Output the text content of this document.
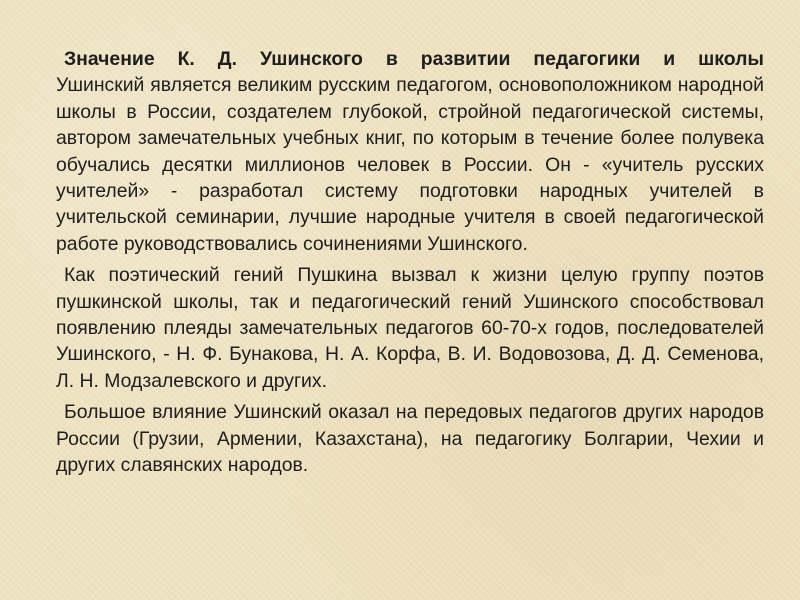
Значение К. Д. Ушинского в развитии педагогики и школы
Ушинский является великим русским педагогом, основоположником народной школы в России, создателем глубокой, стройной педагогической системы, автором замечательных учебных книг, по которым в течение более полувека обучались десятки миллионов человек в России. Он - «учитель русских учителей» - разработал систему подготовки народных учителей в учительской семинарии, лучшие народные учителя в своей педагогической работе руководствовались сочинениями Ушинского.

Как поэтический гений Пушкина вызвал к жизни целую группу поэтов пушкинской школы, так и педагогический гений Ушинского способствовал появлению плеяды замечательных педагогов 60-70-х годов, последователей Ушинского, - Н. Ф. Бунакова, Н. А. Корфа, В. И. Водовозова, Д. Д. Семенова, Л. Н. Модзалевского и других.

Большое влияние Ушинский оказал на передовых педагогов других народов России (Грузии, Армении, Казахстана), на педагогику Болгарии, Чехии и других славянских народов.
